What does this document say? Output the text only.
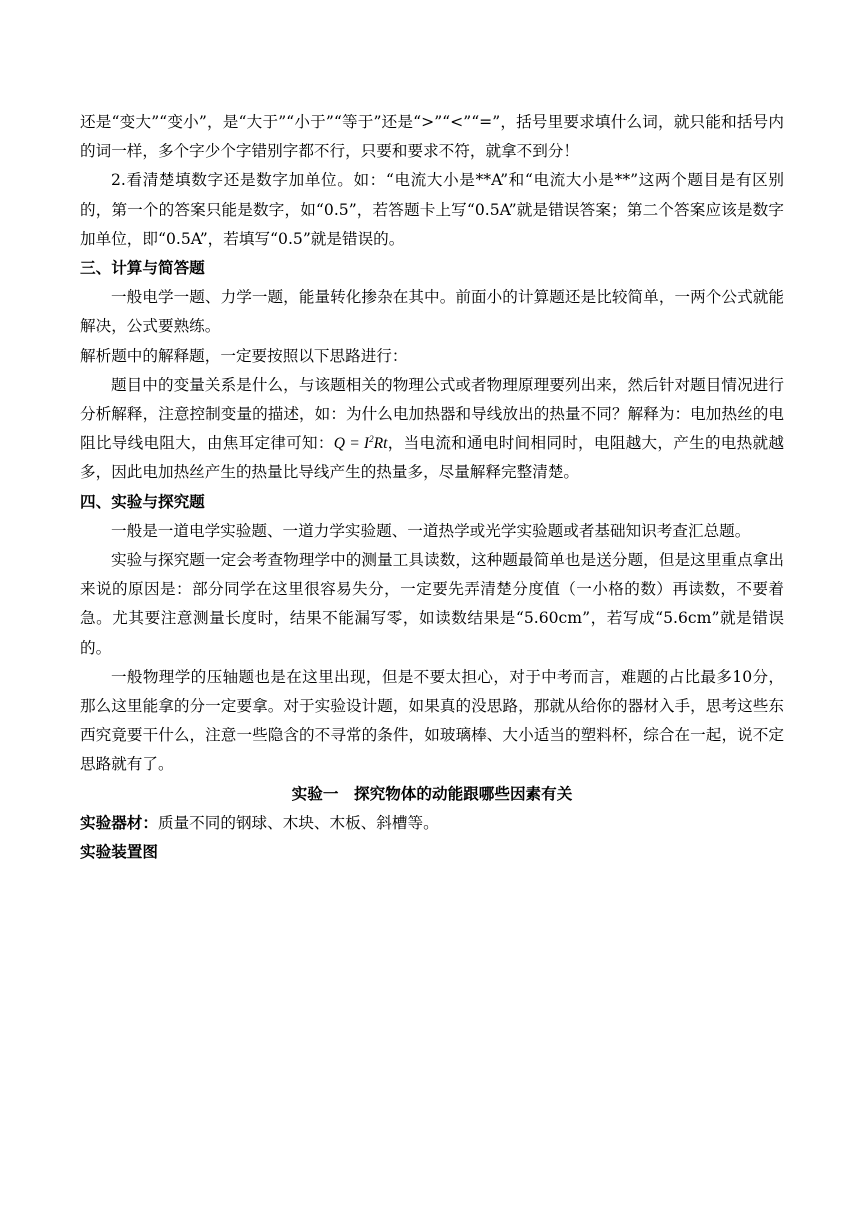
还是“变大”“变小”，是“大于”“小于”“等于”还是“>”“<”“=”，括号里要求填什么词，就只能和括号内的词一样，多个字少个字错别字都不行，只要和要求不符，就拿不到分！

2.看清楚填数字还是数字加单位。如：“电流大小是**A”和“电流大小是**”这两个题目是有区别的，第一个的答案只能是数字，如“0.5”，若答题卡上写“0.5A”就是错误答案；第二个答案应该是数字加单位，即“0.5A”，若填写“0.5”就是错误的。

三、计算与简答题

一般电学一题、力学一题，能量转化掺杂在其中。前面小的计算题还是比较简单，一两个公式就能解决，公式要熟练。

解析题中的解释题，一定要按照以下思路进行：

题目中的变量关系是什么，与该题相关的物理公式或者物理原理要列出来，然后针对题目情况进行分析解释，注意控制变量的描述，如：为什么电加热器和导线放出的热量不同？解释为：电加热丝的电阻比导线电阻大，由焦耳定律可知：$Q = I^2Rt$，当电流和通电时间相同时，电阻越大，产生的电热就越多，因此电加热丝产生的热量比导线产生的热量多，尽量解释完整清楚。

四、实验与探究题

一般是一道电学实验题、一道力学实验题、一道热学或光学实验题或者基础知识考查汇总题。

实验与探究题一定会考查物理学中的测量工具读数，这种题最简单也是送分题，但是这里重点拿出来说的原因是：部分同学在这里很容易失分，一定要先弄清楚分度值（一小格的数）再读数，不要着急。尤其要注意测量长度时，结果不能漏写零，如读数结果是“5.60cm”，若写成“5.6cm”就是错误的。

一般物理学的压轴题也是在这里出现，但是不要太担心，对于中考而言，难题的占比最多10分，那么这里能拿的分一定要拿。对于实验设计题，如果真的没思路，那就从给你的器材入手，思考这些东西究竟要干什么，注意一些隐含的不寻常的条件，如玻璃棒、大小适当的塑料杯，综合在一起，说不定思路就有了。

实验一　探究物体的动能跟哪些因素有关

实验器材：质量不同的钢球、木块、木板、斜槽等。

实验装置图
